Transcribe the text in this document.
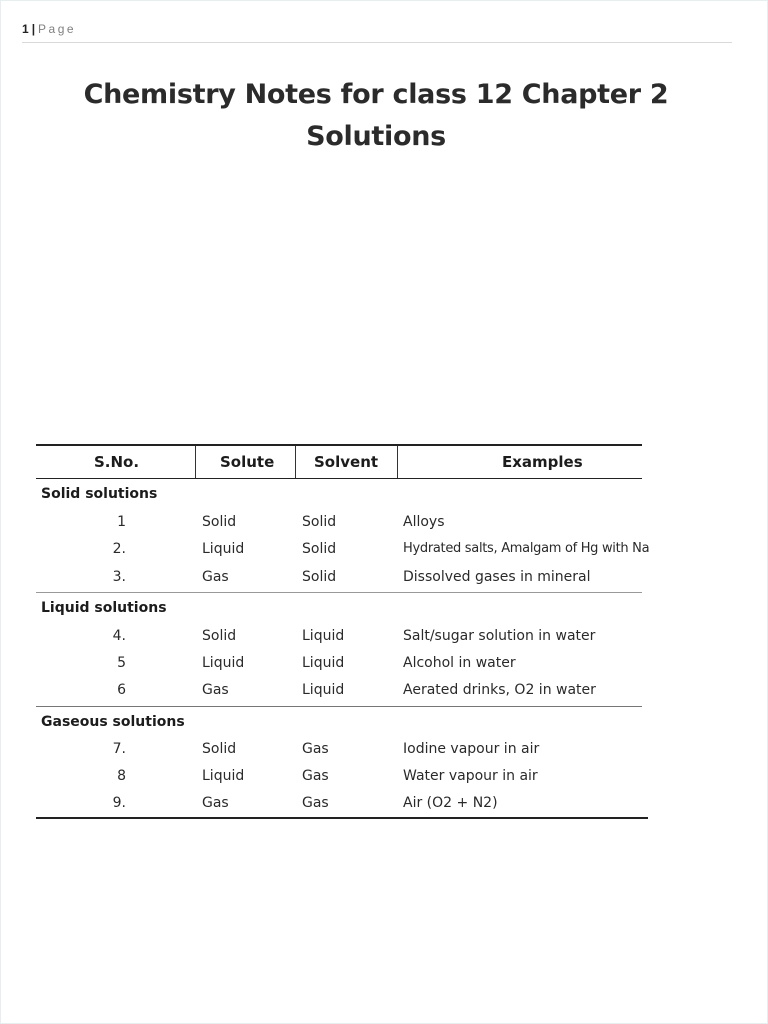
1 | Page
Chemistry Notes for class 12 Chapter 2
Solutions
S.No.	Solute	Solvent	Examples
Solid solutions
1	Solid	Solid	Alloys
2.	Liquid	Solid	Hydrated salts, Amalgam of Hg with Na
3.	Gas	Solid	Dissolved gases in mineral
Liquid solutions
4.	Solid	Liquid	Salt/sugar solution in water
5	Liquid	Liquid	Alcohol in water
6	Gas	Liquid	Aerated drinks, O2 in water
Gaseous solutions
7.	Solid	Gas	Iodine vapour in air
8	Liquid	Gas	Water vapour in air
9.	Gas	Gas	Air (O2 + N2)
